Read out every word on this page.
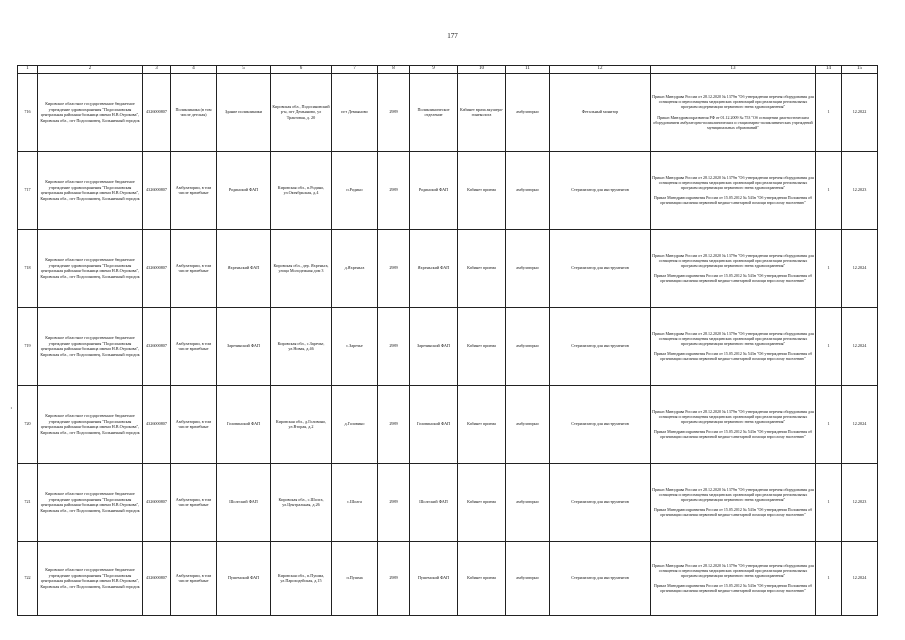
177
·
1	2	3	4	5	6	7	8	9	10	11	12	13	14	15
716	Кировское областное государственное бюджетное учреждение здравоохранения "Подосиновская центральная районная больница имени Н.В.Отрокова", Кировская обл., пгт Подосиновец, Больничный городок	4326000807	Поликлиника (в том числе детская)	Здание поликлиники	Кировская обл., Подосиновский р-н, пгт Демьяново, ул Трактовая, д. 20	пгт Демьяново	2989	Поликлиническое отделение	Кабинет врача акушера-гинеколога	амбулаторно	Фетальный монитор	Приказ Минздрава России от 28.12.2020 № 1379н "Об утверждении перечня оборудования для оснащения и переоснащения медицинских организаций при реализации региональных программ модернизации первичного звена здравоохранения"

Приказ Минздравсоцразвития РФ от 01.12.2009 № 753 "Об оснащении диагностическим оборудованием амбулаторно-поликлинических и стационарно-поликлинических учреждений муниципальных образований"	1	12.2022
717	Кировское областное государственное бюджетное учреждение здравоохранения "Подосиновская центральная районная больница имени Н.В.Отрокова", Кировская обл., пгт Подосиновец, Больничный городок	4326000807	Амбулатории, в том числе врачебные	Родинский ФАП	Кировская обл., п.Родино, ул.Октябрьская, д.4	п.Родино	2989	Родинский ФАП	Кабинет приема	амбулаторно	Стерилизатор для инструментов	Приказ Минздрава России от 28.12.2020 № 1379н "Об утверждении перечня оборудования для оснащения и переоснащения медицинских организаций при реализации региональных программ модернизации первичного звена здравоохранения"

Приказ Минздравсоцразвития России от 15.05.2012 № 543н "Об утверждении Положения об организации оказания первичной медико-санитарной помощи взрослому населению"	1	12.2023
718	Кировское областное государственное бюджетное учреждение здравоохранения "Подосиновская центральная районная больница имени Н.В.Отрокова", Кировская обл., пгт Подосиновец, Больничный городок	4326000807	Амбулатории, в том числе врачебные	Яхреньский ФАП	Кировская обл., дер. Яхреньга, улица Молодежная дом 3	д.Яхреньга	2989	Яхреньский ФАП	Кабинет приема	амбулаторно	Стерилизатор для инструментов	Приказ Минздрава России от 28.12.2020 № 1379н "Об утверждении перечня оборудования для оснащения и переоснащения медицинских организаций при реализации региональных программ модернизации первичного звена здравоохранения"

Приказ Минздравсоцразвития России от 15.05.2012 № 543н "Об утверждении Положения об организации оказания первичной медико-санитарной помощи взрослому населению"	1	12.2024
719	Кировское областное государственное бюджетное учреждение здравоохранения "Подосиновская центральная районная больница имени Н.В.Отрокова", Кировская обл., пгт Подосиновец, Больничный городок	4326000807	Амбулатории, в том числе врачебные	Заречинский ФАП	Кировская обл., с.Заречье, ул.Новая, д.46	с.Заречье	2989	Заречинский ФАП	Кабинет приема	амбулаторно	Стерилизатор для инструментов	Приказ Минздрава России от 28.12.2020 № 1379н "Об утверждении перечня оборудования для оснащения и переоснащения медицинских организаций при реализации региональных программ модернизации первичного звена здравоохранения"

Приказ Минздравсоцразвития России от 15.05.2012 № 543н "Об утверждении Положения об организации оказания первичной медико-санитарной помощи взрослому населению"	1	12.2024
720	Кировское областное государственное бюджетное учреждение здравоохранения "Подосиновская центральная районная больница имени Н.В.Отрокова", Кировская обл., пгт Подосиновец, Больничный городок	4326000807	Амбулатории, в том числе врачебные	Головинский ФАП	Кировская обл., д.Головино, ул.Вторая, д.2	д.Головино	2989	Головинский ФАП	Кабинет приема	амбулаторно	Стерилизатор для инструментов	Приказ Минздрава России от 28.12.2020 № 1379н "Об утверждении перечня оборудования для оснащения и переоснащения медицинских организаций при реализации региональных программ модернизации первичного звена здравоохранения"

Приказ Минздравсоцразвития России от 15.05.2012 № 543н "Об утверждении Положения об организации оказания первичной медико-санитарной помощи взрослому населению"	1	12.2024
721	Кировское областное государственное бюджетное учреждение здравоохранения "Подосиновская центральная районная больница имени Н.В.Отрокова", Кировская обл., пгт Подосиновец, Больничный городок	4326000807	Амбулатории, в том числе врачебные	Шолгский ФАП	Кировская обл., с.Шолга, ул.Центральная, д.26	с.Шолга	2989	Шолгский ФАП	Кабинет приема	амбулаторно	Стерилизатор для инструментов	Приказ Минздрава России от 28.12.2020 № 1379н "Об утверждении перечня оборудования для оснащения и переоснащения медицинских организаций при реализации региональных программ модернизации первичного звена здравоохранения"

Приказ Минздравсоцразвития России от 15.05.2012 № 543н "Об утверждении Положения об организации оказания первичной медико-санитарной помощи взрослому населению"	1	12.2023
722	Кировское областное государственное бюджетное учреждение здравоохранения "Подосиновская центральная районная больница имени Н.В.Отрокова", Кировская обл., пгт Подосиновец, Больничный городок	4326000807	Амбулатории, в том числе врачебные	Пушемский ФАП	Кировская обл., п.Пушма, ул.Пароходейская, д.15	п.Пушма	2989	Пушемский ФАП	Кабинет приема	амбулаторно	Стерилизатор для инструментов	Приказ Минздрава России от 28.12.2020 № 1379н "Об утверждении перечня оборудования для оснащения и переоснащения медицинских организаций при реализации региональных программ модернизации первичного звена здравоохранения"

Приказ Минздравсоцразвития России от 15.05.2012 № 543н "Об утверждении Положения об организации оказания первичной медико-санитарной помощи взрослому населению"	1	12.2024
